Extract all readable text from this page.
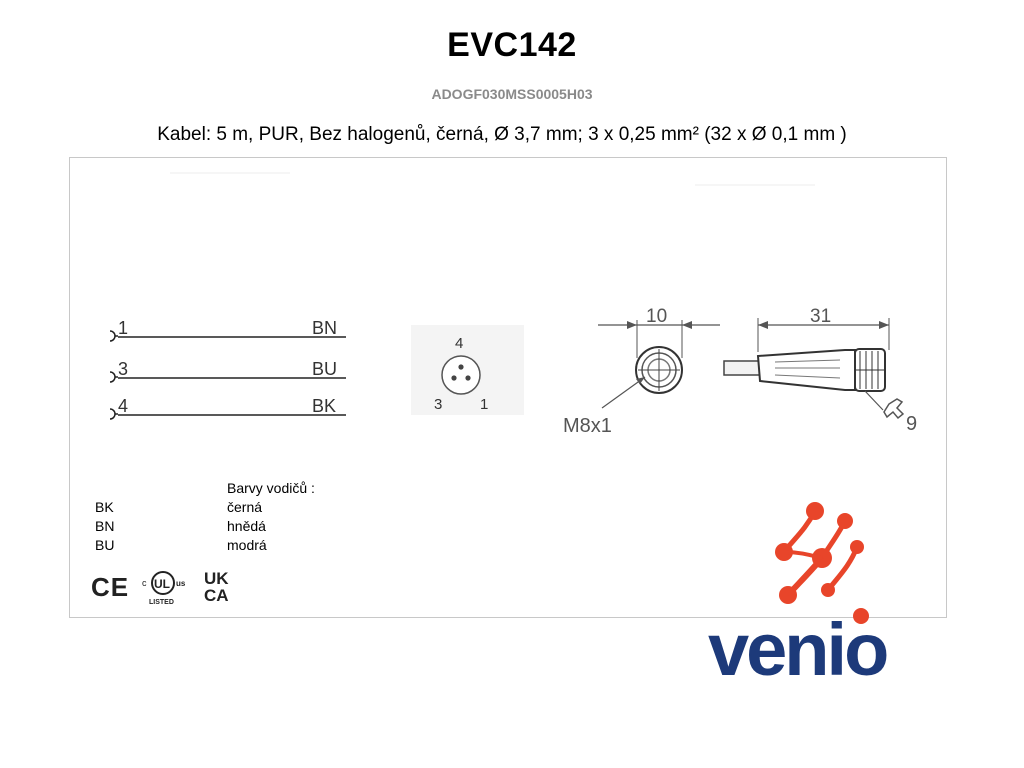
EVC142
ADOGF030MSS0005H03
Kabel: 5 m, PUR, Bez halogenů, černá, Ø 3,7 mm; 3 x 0,25 mm² (32 x Ø 0,1 mm )
1	BN
3	BU
4	BK
4
3	1
10
M8x1
31
9
CE UL
c	us
LISTED
UK
CA
venio
Barvy vodičů :
BK	černá
BN	hnědá
BU	modrá
